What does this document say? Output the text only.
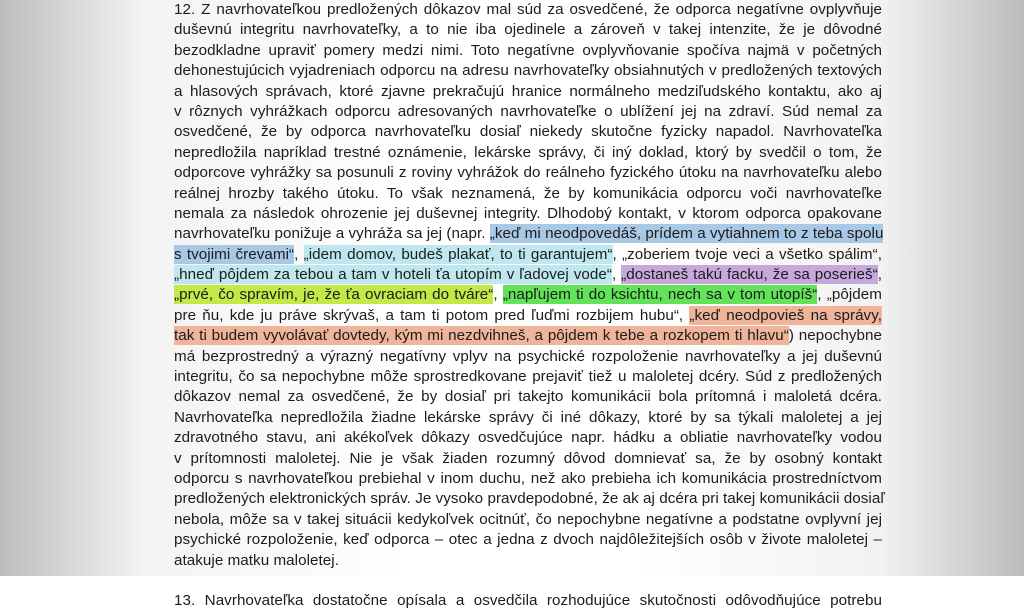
12. Z navrhovateľkou predložených dôkazov mal súd za osvedčené, že odporca negatívne ovplyvňuje
duševnú integritu navrhovateľky, a to nie iba ojedinele a zároveň v takej intenzite, že je dôvodné
bezodkladne upraviť pomery medzi nimi. Toto negatívne ovplyvňovanie spočíva najmä v početných
dehonestujúcich vyjadreniach odporcu na adresu navrhovateľky obsiahnutých v predložených textových
a hlasových správach, ktoré zjavne prekračujú hranice normálneho medziľudského kontaktu, ako aj
v rôznych vyhrážkach odporcu adresovaných navrhovateľke o ublížení jej na zdraví. Súd nemal za
osvedčené, že by odporca navrhovateľku dosiaľ niekedy skutočne fyzicky napadol. Navrhovateľka
nepredložila napríklad trestné oznámenie, lekárske správy, či iný doklad, ktorý by svedčil o tom, že
odporcove vyhrážky sa posunuli z roviny vyhrážok do reálneho fyzického útoku na navrhovateľku alebo
reálnej hrozby takého útoku. To však neznamená, že by komunikácia odporcu voči navrhovateľke
nemala za následok ohrozenie jej duševnej integrity. Dlhodobý kontakt, v ktorom odporca opakovane
navrhovateľku ponižuje a vyhráža sa jej (napr. „keď mi neodpovedáš, prídem a vytiahnem to z teba spolu
s tvojimi črevami“, „idem domov, budeš plakať, to ti garantujem“, „zoberiem tvoje veci a všetko spálim“,
„hneď pôjdem za tebou a tam v hoteli ťa utopím v ľadovej vode“, „dostaneš takú facku, že sa poserieš“,
„prvé, čo spravím, je, že ťa ovraciam do tváre“, „napľujem ti do ksichtu, nech sa v tom utopíš“, „pôjdem
pre ňu, kde ju práve skrývaš, a tam ti potom pred ľuďmi rozbijem hubu“, „keď neodpovieš na správy,
tak ti budem vyvolávať dovtedy, kým mi nezdvihneš, a pôjdem k tebe a rozkopem ti hlavu“) nepochybne
má bezprostredný a výrazný negatívny vplyv na psychické rozpoloženie navrhovateľky a jej duševnú
integritu, čo sa nepochybne môže sprostredkovane prejaviť tiež u maloletej dcéry. Súd z predložených
dôkazov nemal za osvedčené, že by dosiaľ pri takejto komunikácii bola prítomná i maloletá dcéra.
Navrhovateľka nepredložila žiadne lekárske správy či iné dôkazy, ktoré by sa týkali maloletej a jej
zdravotného stavu, ani akékoľvek dôkazy osvedčujúce napr. hádku a obliatie navrhovateľky vodou
v prítomnosti maloletej. Nie je však žiaden rozumný dôvod domnievať sa, že by osobný kontakt
odporcu s navrhovateľkou prebiehal v inom duchu, než ako prebieha ich komunikácia prostredníctvom
predložených elektronických správ. Je vysoko pravdepodobné, že ak aj dcéra pri takej komunikácii dosiaľ
nebola, môže sa v takej situácii kedykoľvek ocitnúť, čo nepochybne negatívne a podstatne ovplyvní jej
psychické rozpoloženie, keď odporca – otec a jedna z dvoch najdôležitejších osôb v živote maloletej –
atakuje matku maloletej.
13. Navrhovateľka dostatočne opísala a osvedčila rozhodujúce skutočnosti odôvodňujúce potrebu
